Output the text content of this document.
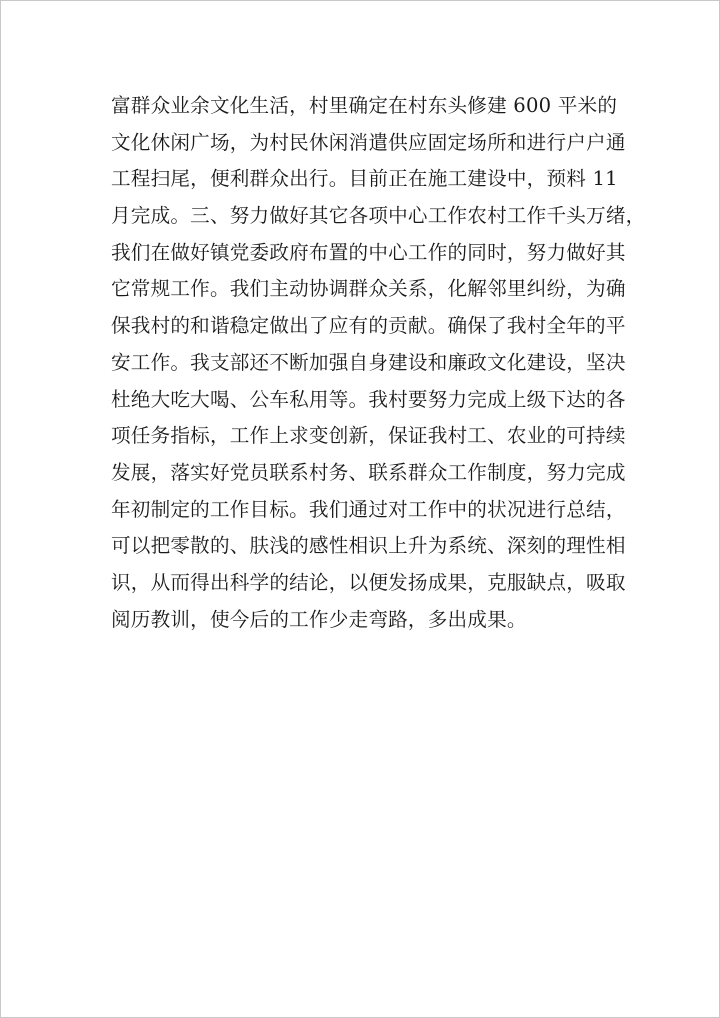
富群众业余文化生活，村里确定在村东头修建 600 平米的
文化休闲广场，为村民休闲消遣供应固定场所和进行户户通
工程扫尾，便利群众出行。目前正在施工建设中，预料 11
月完成。三、努力做好其它各项中心工作农村工作千头万绪，
我们在做好镇党委政府布置的中心工作的同时，努力做好其
它常规工作。我们主动协调群众关系，化解邻里纠纷，为确
保我村的和谐稳定做出了应有的贡献。确保了我村全年的平
安工作。我支部还不断加强自身建设和廉政文化建设，坚决
杜绝大吃大喝、公车私用等。我村要努力完成上级下达的各
项任务指标，工作上求变创新，保证我村工、农业的可持续
发展，落实好党员联系村务、联系群众工作制度，努力完成
年初制定的工作目标。我们通过对工作中的状况进行总结，
可以把零散的、肤浅的感性相识上升为系统、深刻的理性相
识，从而得出科学的结论，以便发扬成果，克服缺点，吸取
阅历教训，使今后的工作少走弯路，多出成果。
